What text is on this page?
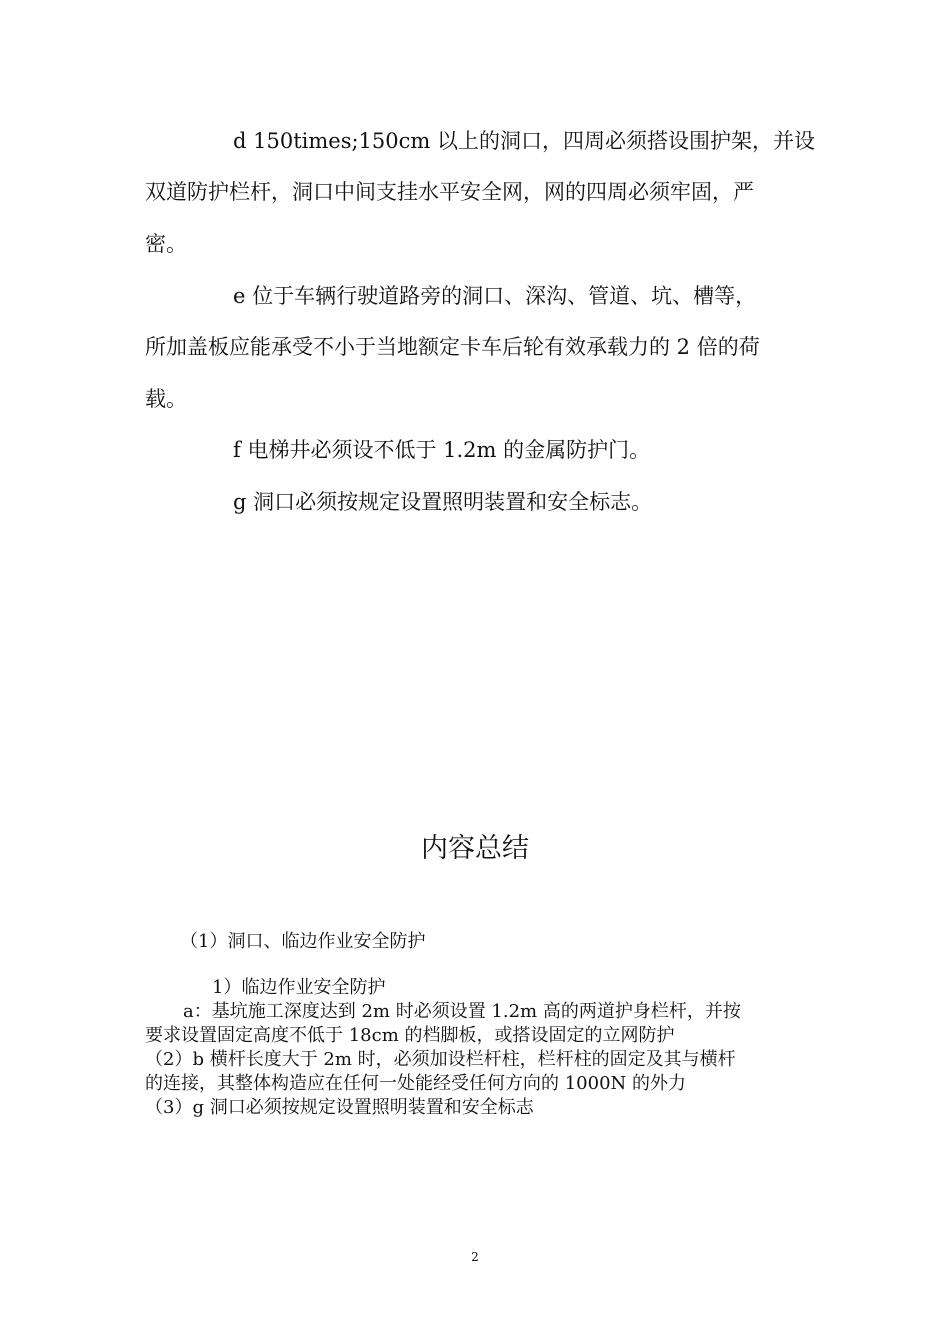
d 150times;150cm 以上的洞口，四周必须搭设围护架，并设
双道防护栏杆，洞口中间支挂水平安全网，网的四周必须牢固，严
密。
e 位于车辆行驶道路旁的洞口、深沟、管道、坑、槽等，
所加盖板应能承受不小于当地额定卡车后轮有效承载力的 2 倍的荷
载。
f 电梯井必须设不低于 1.2m 的金属防护门。
g 洞口必须按规定设置照明装置和安全标志。
内容总结
（1）洞口、临边作业安全防护
1）临边作业安全防护
a：基坑施工深度达到 2m 时必须设置 1.2m 高的两道护身栏杆，并按
要求设置固定高度不低于 18cm 的档脚板，或搭设固定的立网防护
（2）b 横杆长度大于 2m 时，必须加设栏杆柱，栏杆柱的固定及其与横杆
的连接，其整体构造应在任何一处能经受任何方向的 1000N 的外力
（3）g 洞口必须按规定设置照明装置和安全标志
2
